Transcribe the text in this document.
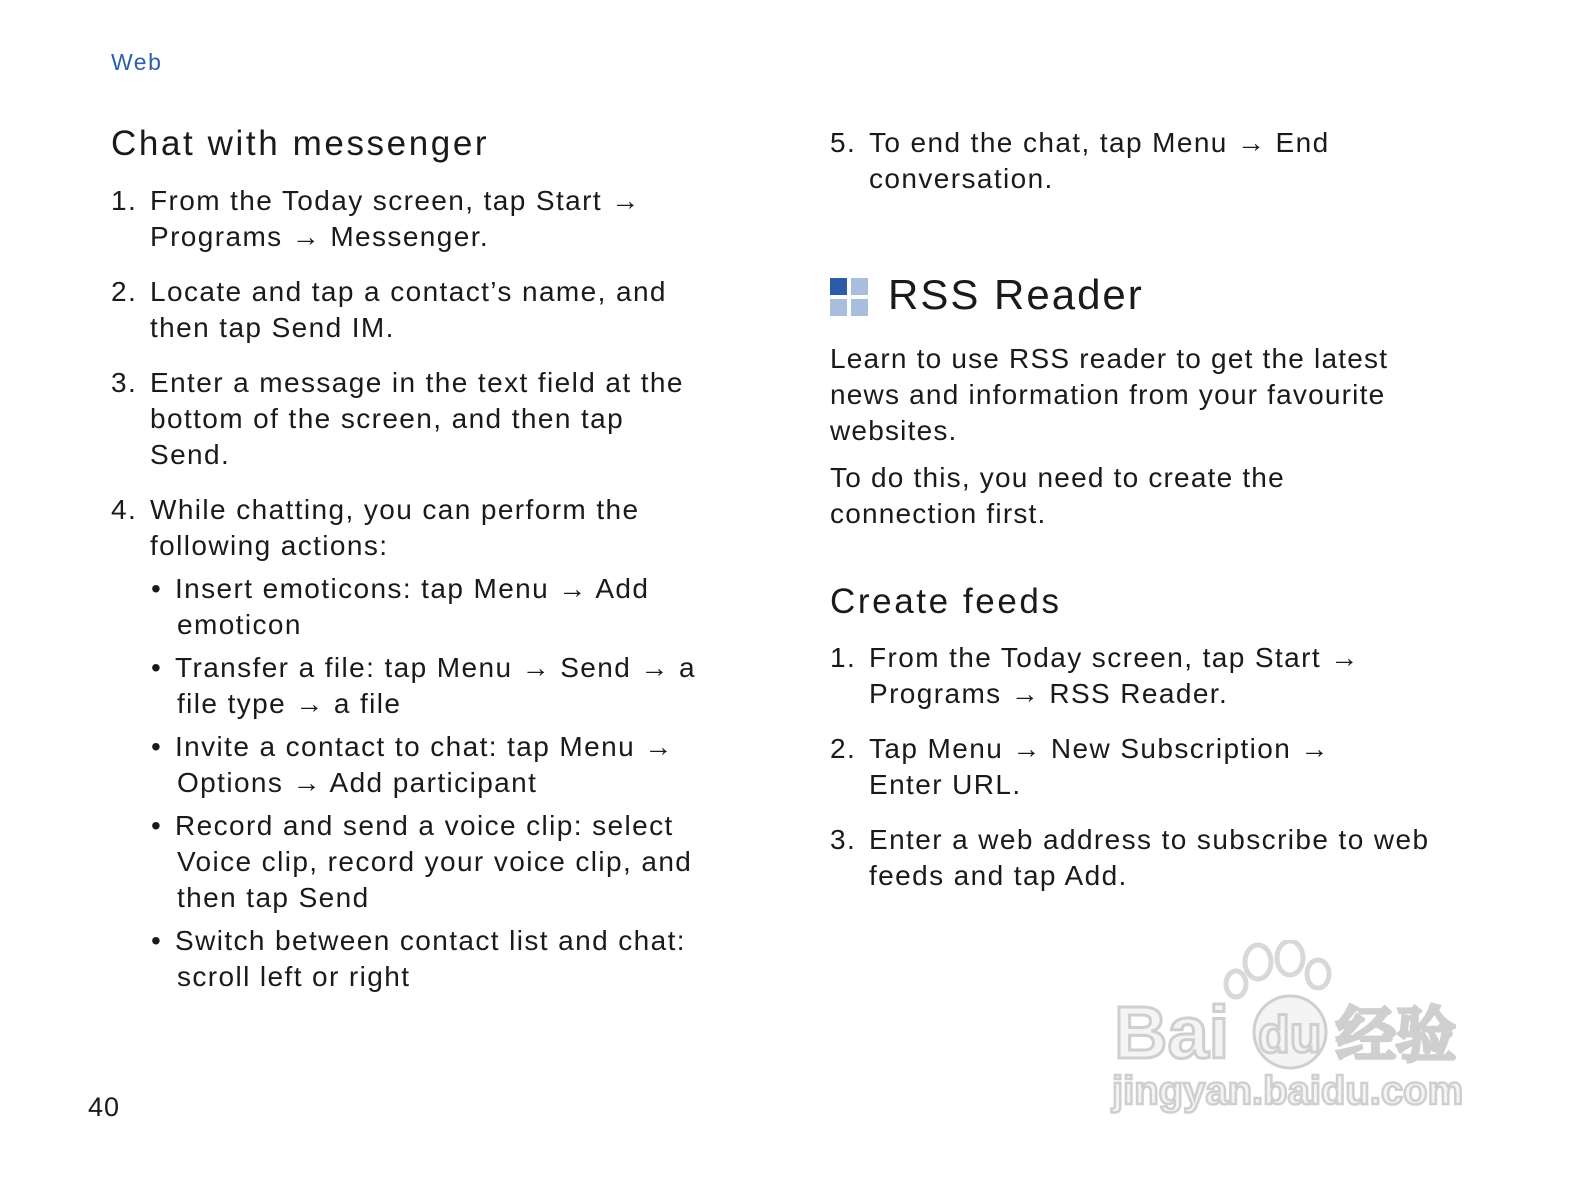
Web
Chat with messenger
1. From the Today screen, tap Start →
Programs → Messenger.
2. Locate and tap a contact’s name, and
then tap Send IM.
3. Enter a message in the text field at the
bottom of the screen, and then tap
Send.
4. While chatting, you can perform the
following actions:
• Insert emoticons: tap Menu → Add
emoticon
• Transfer a file: tap Menu → Send → a
file type → a file
• Invite a contact to chat: tap Menu →
Options → Add participant
• Record and send a voice clip: select
Voice clip, record your voice clip, and
then tap Send
• Switch between contact list and chat:
scroll left or right
5. To end the chat, tap Menu → End
conversation.
RSS Reader
Learn to use RSS reader to get the latest
news and information from your favourite
websites.
To do this, you need to create the
connection first.
Create feeds
1. From the Today screen, tap Start →
Programs → RSS Reader.
2. Tap Menu → New Subscription →
Enter URL.
3. Enter a web address to subscribe to web
feeds and tap Add.
40
Bai du 经验
jingyan.baidu.com
